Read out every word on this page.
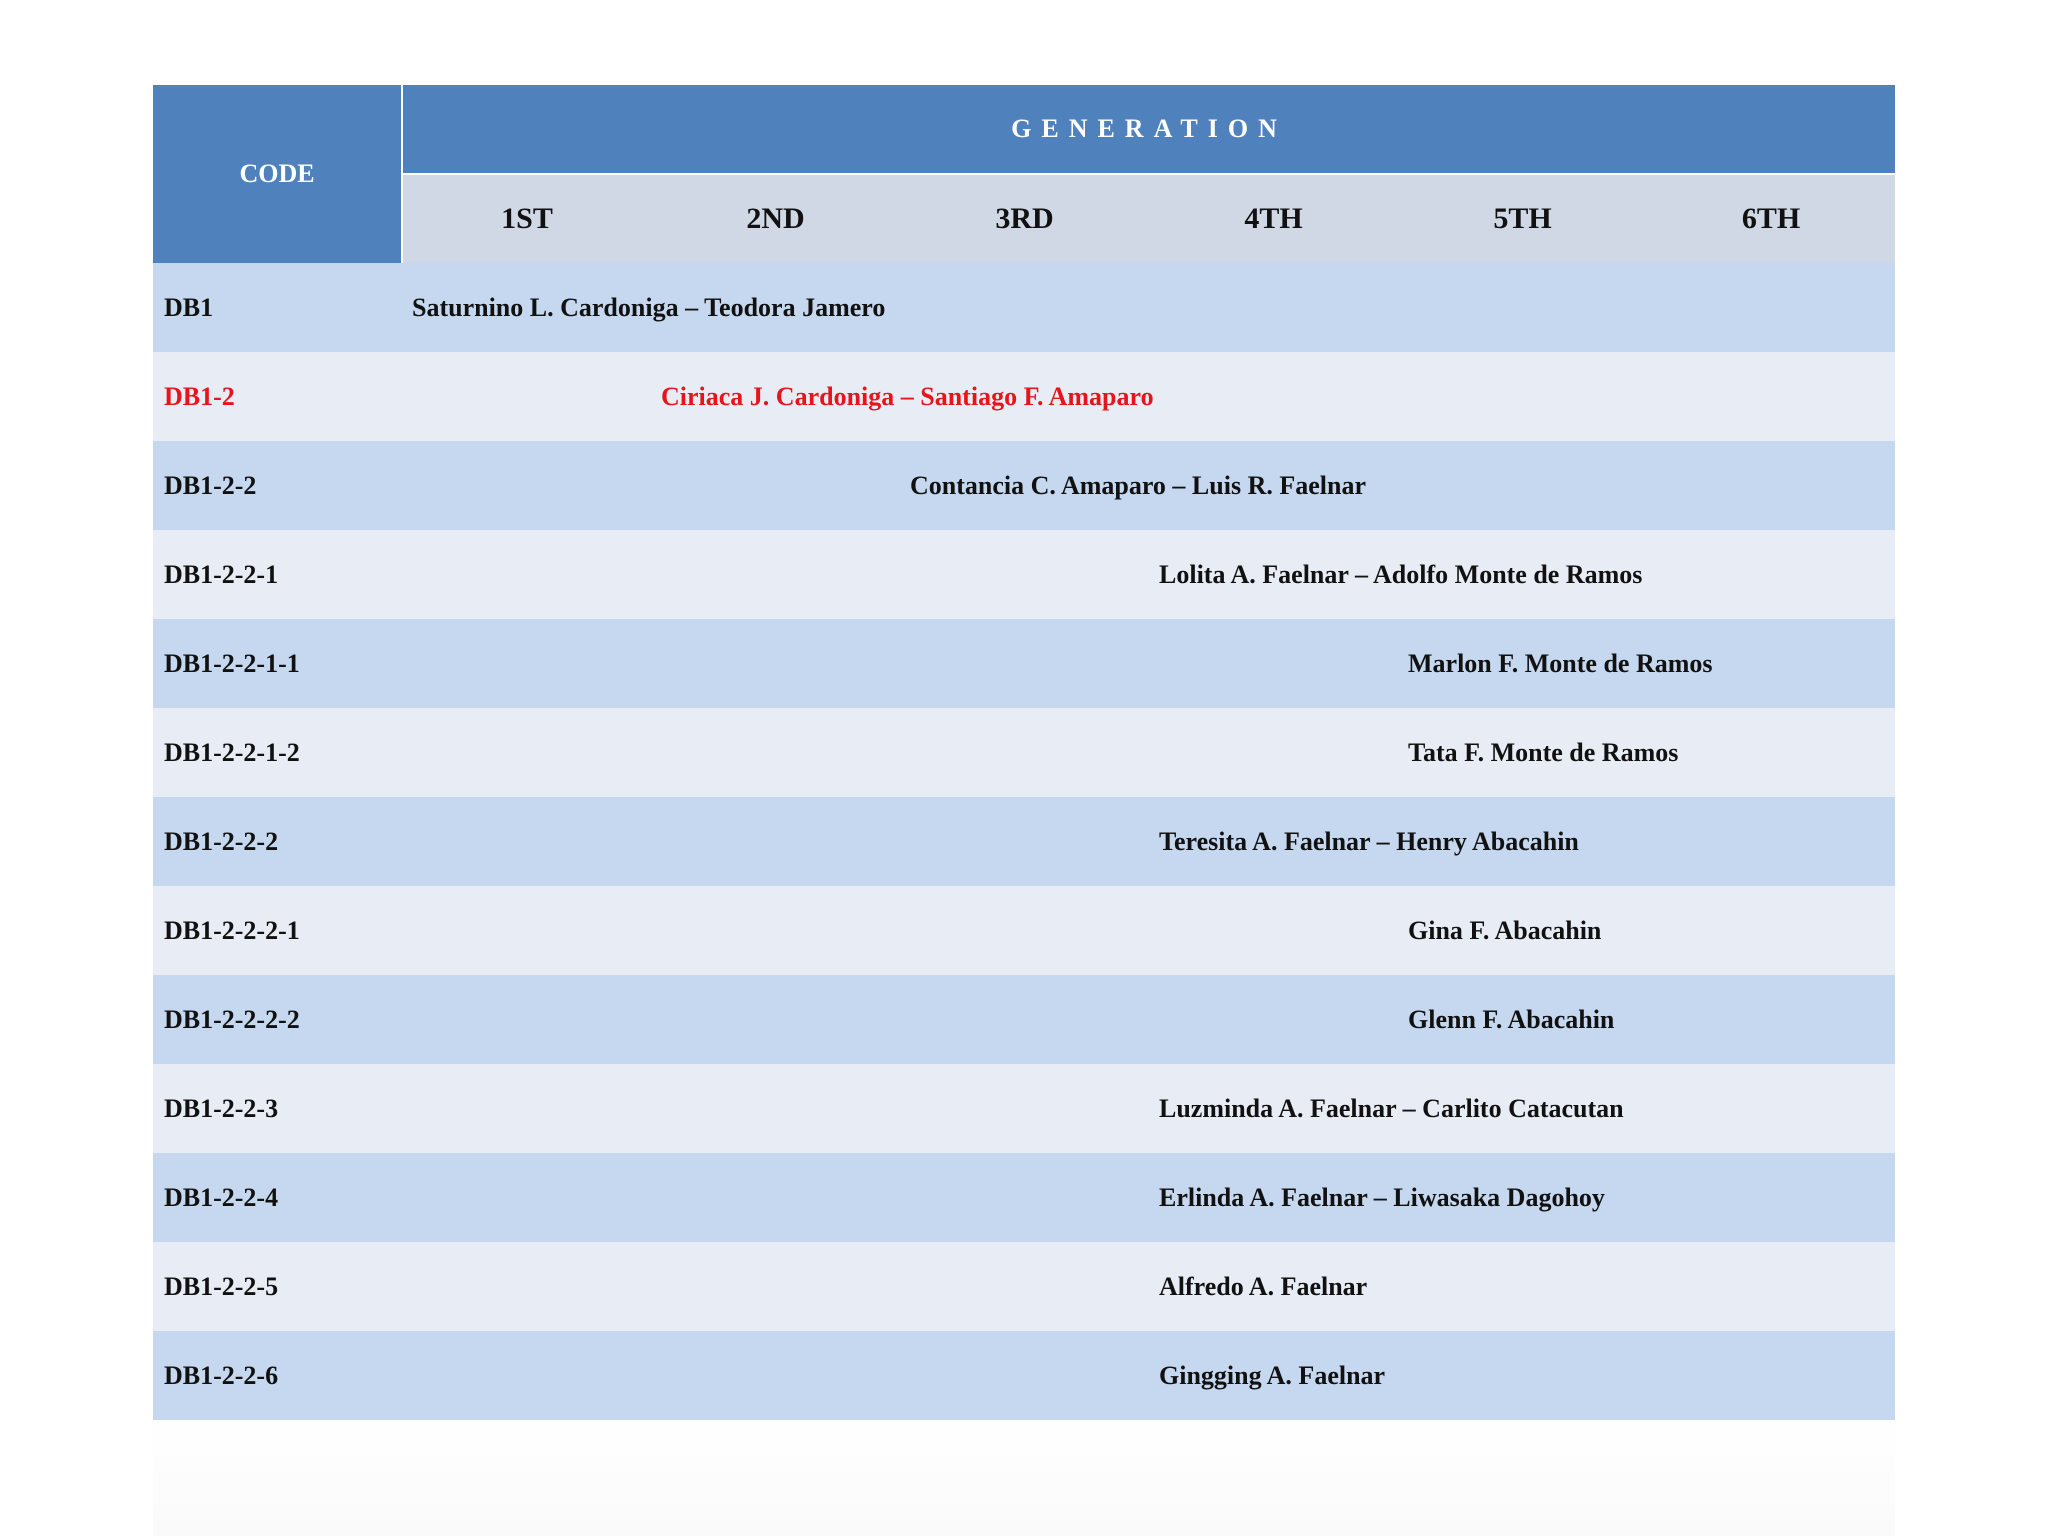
CODE	GENERATION					
	1ST	2ND	3RD	4TH	5TH	6TH
DB1	Saturnino L. Cardoniga – Teodora Jamero					
DB1-2		Ciriaca J. Cardoniga – Santiago F. Amaparo				
DB1-2-2			Contancia C. Amaparo – Luis R. Faelnar			
DB1-2-2-1				Lolita A. Faelnar – Adolfo Monte de Ramos		
DB1-2-2-1-1					Marlon F. Monte de Ramos	
DB1-2-2-1-2					Tata F. Monte de Ramos	
DB1-2-2-2				Teresita A. Faelnar – Henry Abacahin		
DB1-2-2-2-1					Gina F. Abacahin	
DB1-2-2-2-2					Glenn F. Abacahin	
DB1-2-2-3				Luzminda A. Faelnar – Carlito Catacutan		
DB1-2-2-4				Erlinda A. Faelnar – Liwasaka Dagohoy		
DB1-2-2-5				Alfredo A. Faelnar		
DB1-2-2-6				Gingging A. Faelnar		
